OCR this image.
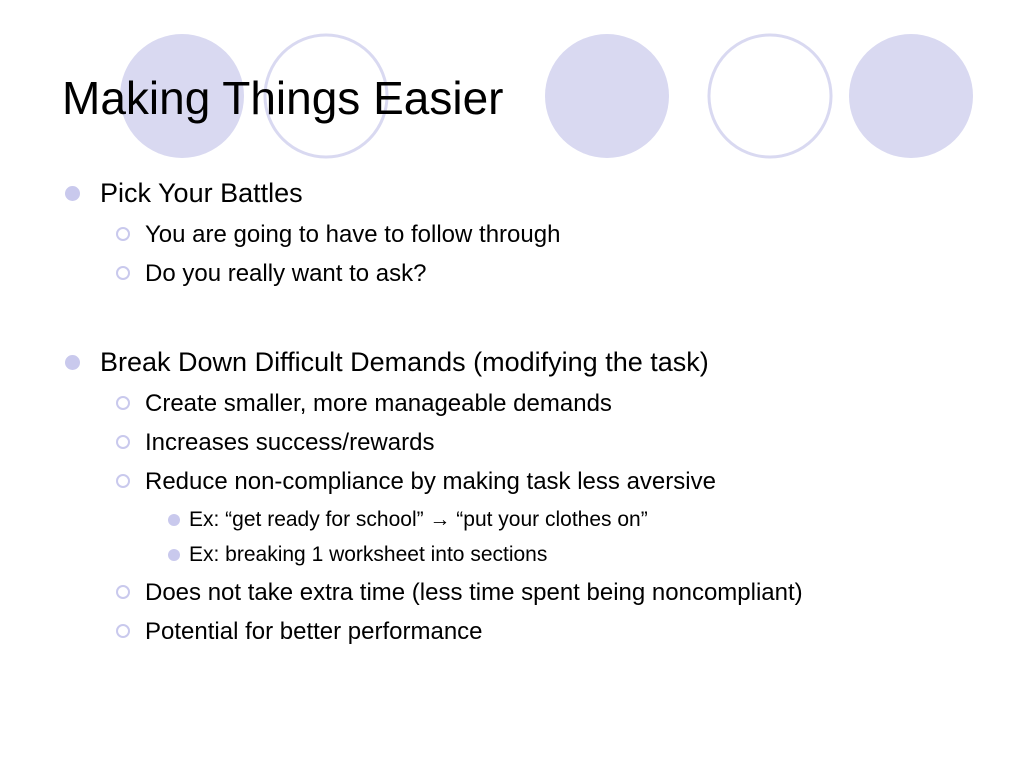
Making Things Easier
Pick Your Battles
You are going to have to follow through
Do you really want to ask?
Break Down Difficult Demands (modifying the task)
Create smaller, more manageable demands
Increases success/rewards
Reduce non-compliance by making task less aversive
Ex: “get ready for school” → “put your clothes on”
Ex: breaking 1 worksheet into sections
Does not take extra time (less time spent being noncompliant)
Potential for better performance
